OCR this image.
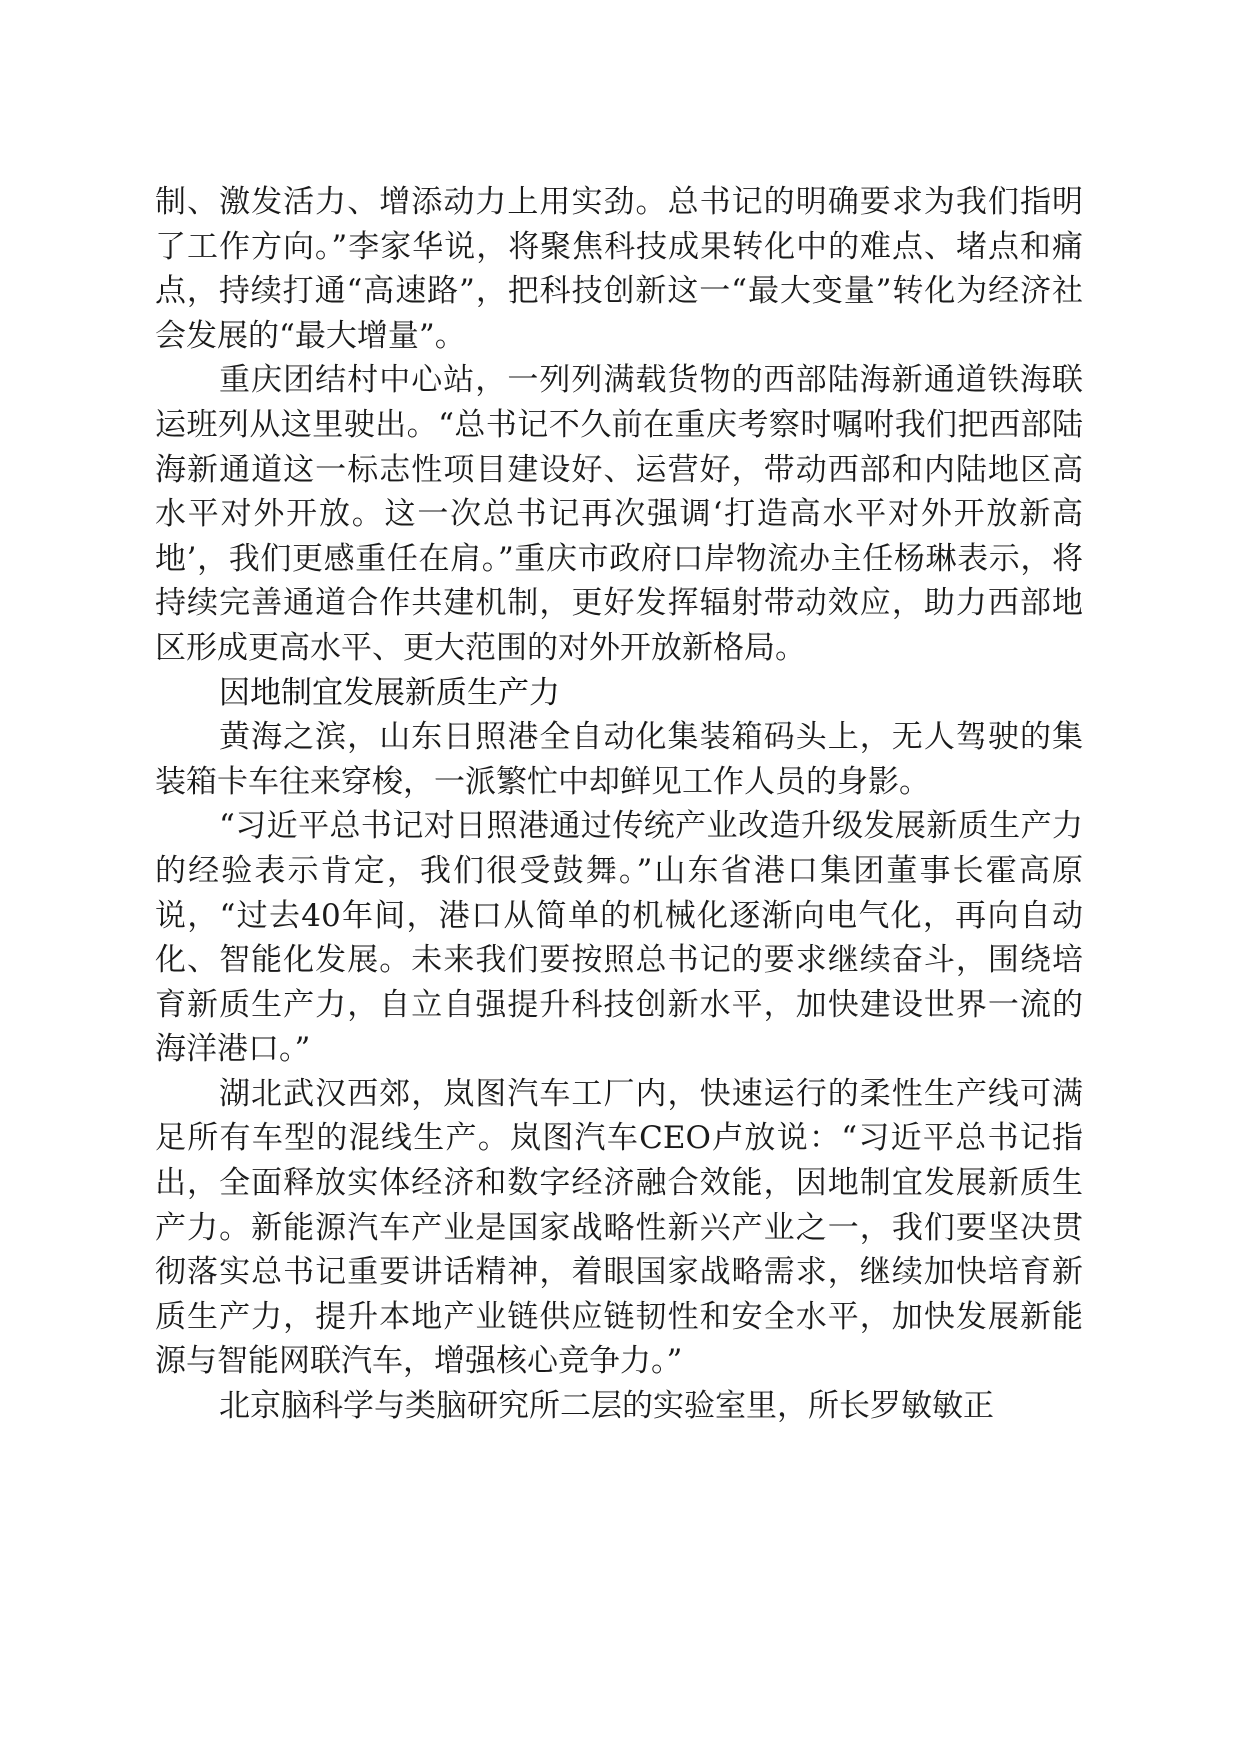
制、激发活力、增添动力上用实劲。总书记的明确要求为我们指明了工作方向。”李家华说，将聚焦科技成果转化中的难点、堵点和痛点，持续打通“高速路”，把科技创新这一“最大变量”转化为经济社会发展的“最大增量”。

重庆团结村中心站，一列列满载货物的西部陆海新通道铁海联运班列从这里驶出。“总书记不久前在重庆考察时嘱咐我们把西部陆海新通道这一标志性项目建设好、运营好，带动西部和内陆地区高水平对外开放。这一次总书记再次强调‘打造高水平对外开放新高地’，我们更感重任在肩。”重庆市政府口岸物流办主任杨琳表示，将持续完善通道合作共建机制，更好发挥辐射带动效应，助力西部地区形成更高水平、更大范围的对外开放新格局。

因地制宜发展新质生产力

黄海之滨，山东日照港全自动化集装箱码头上，无人驾驶的集装箱卡车往来穿梭，一派繁忙中却鲜见工作人员的身影。

“习近平总书记对日照港通过传统产业改造升级发展新质生产力的经验表示肯定，我们很受鼓舞。”山东省港口集团董事长霍高原说，“过去40年间，港口从简单的机械化逐渐向电气化，再向自动化、智能化发展。未来我们要按照总书记的要求继续奋斗，围绕培育新质生产力，自立自强提升科技创新水平，加快建设世界一流的海洋港口。”

湖北武汉西郊，岚图汽车工厂内，快速运行的柔性生产线可满足所有车型的混线生产。岚图汽车CEO卢放说：“习近平总书记指出，全面释放实体经济和数字经济融合效能，因地制宜发展新质生产力。新能源汽车产业是国家战略性新兴产业之一，我们要坚决贯彻落实总书记重要讲话精神，着眼国家战略需求，继续加快培育新质生产力，提升本地产业链供应链韧性和安全水平，加快发展新能源与智能网联汽车，增强核心竞争力。”

北京脑科学与类脑研究所二层的实验室里，所长罗敏敏正
